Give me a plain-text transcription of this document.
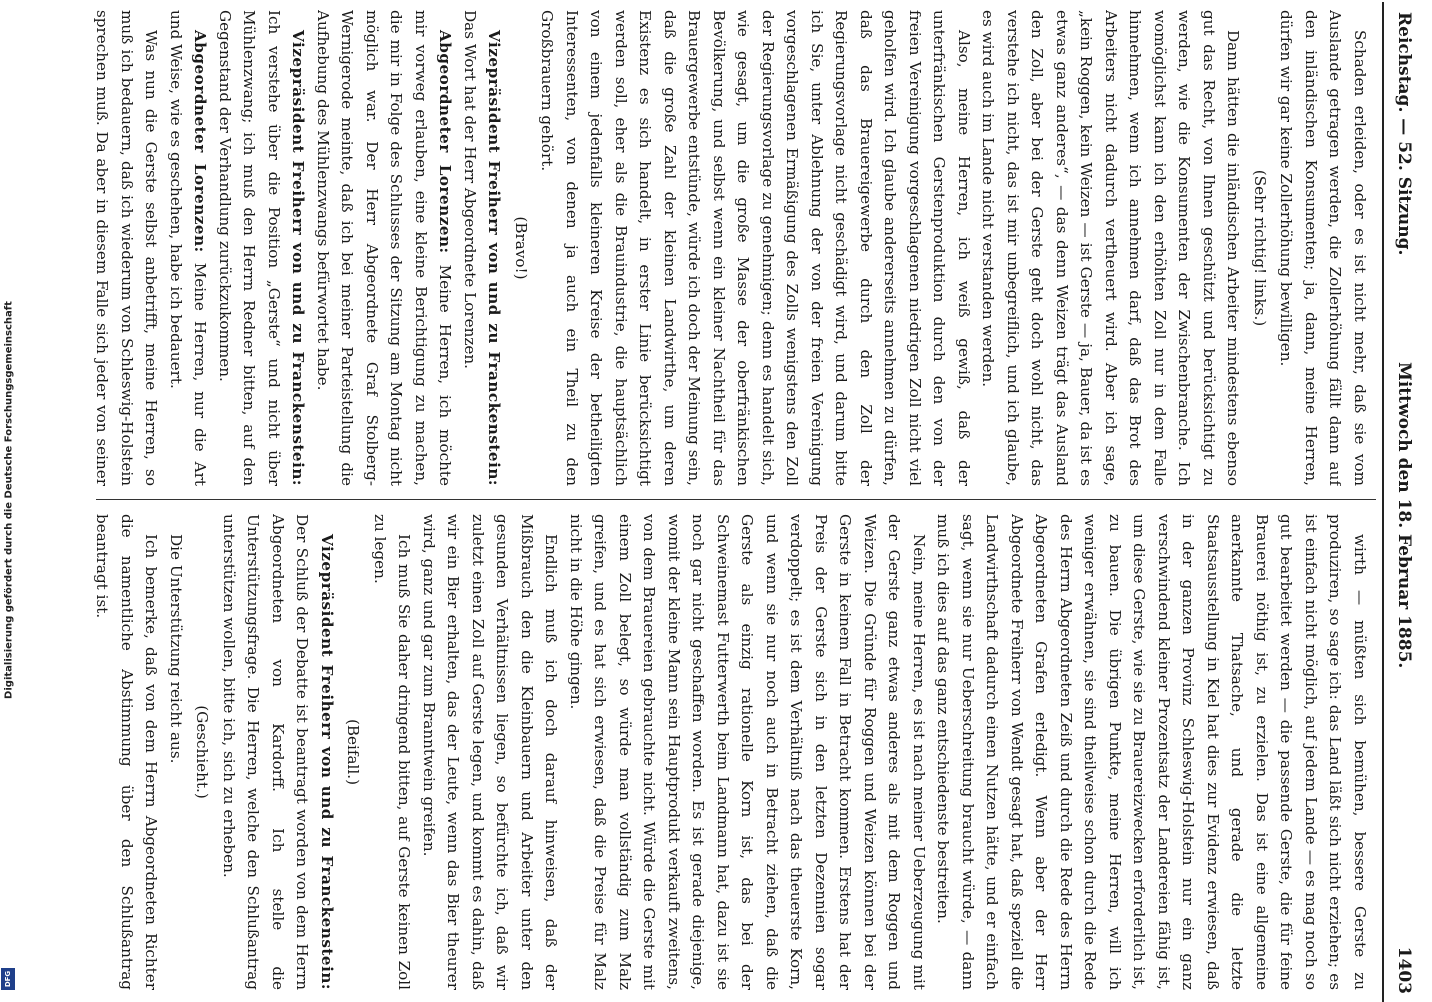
Digitalisierung gefördert durch die Deutsche Forschungsgemeinschaft
DFG
Reichstag. — 52. Sitzung.
Mittwoch den 18. Februar 1885.
1403

Schaden erleiden, oder es ist nicht mehr, daß sie vom Auslande getragen werden, die Zollerhöhung fällt dann auf den inländischen Konsumenten; ja, dann, meine Herren, dürfen wir gar keine Zollerhöhung bewilligen.

(Sehr richtig! links.)

Dann hätten die inländischen Arbeiter mindestens ebenso gut das Recht, von Ihnen geschützt und berücksichtigt zu werden, wie die Konsumenten der Zwischenbranche. Ich womöglichst kann ich den erhöhten Zoll nur in dem Falle hinnehmen, wenn ich annehmen darf, daß das Brot des Arbeiters nicht dadurch vertheuert wird. Aber ich sage, „kein Roggen, kein Weizen — ist Gerste — ja, Bauer, da ist es etwas ganz anderes“, — das denn Weizen trägt das Ausland den Zoll, aber bei der Gerste geht doch wohl nicht, das verstehe ich nicht, das ist mir unbegreiflich, und ich glaube, es wird auch im Lande nicht verstanden werden.

Also, meine Herren, ich weiß gewiß, daß der unterfränkischen Gerstenproduktion durch den von der freien Vereinigung vorgeschlagenen niedrigen Zoll nicht viel geholfen wird. Ich glaube andererseits annehmen zu dürfen, daß das Brauereigewerbe durch den Zoll der Regierungsvorlage nicht geschädigt wird, und darum bitte ich Sie, unter Ablehnung der von der freien Vereinigung vorgeschlagenen Ermäßigung des Zolls wenigstens den Zoll der Regierungsvorlage zu genehmigen; denn es handelt sich, wie gesagt, um die große Masse der oberfränkischen Bevölkerung, und selbst wenn ein kleiner Nachtheil für das Brauergewerbe entstünde, würde ich doch der Meinung sein, daß die große Zahl der kleinen Landwirthe, um deren Existenz es sich handelt, in erster Linie berücksichtigt werden soll, eher als die Brauindustrie, die hauptsächlich von einem jedenfalls kleineren Kreise der betheiligten Interessenten, von denen ja auch ein Theil zu den Großbrauern gehört.

(Bravo!)

Vizepräsident Freiherr von und zu Franckenstein: Das Wort hat der Herr Abgeordnete Lorenzen.

Abgeordneter Lorenzen: Meine Herren, ich möchte mir vorweg erlauben, eine kleine Berichtigung zu machen, die mir in Folge des Schlusses der Sitzung am Montag nicht möglich war. Der Herr Abgeordnete Graf Stolberg-Wernigerode meinte, daß ich bei meiner Parteistellung die Aufhebung des Mühlenzwangs befürwortet habe.

Vizepräsident Freiherr von und zu Franckenstein: Ich verstehe über die Position „Gerste“ und nicht über Mühlenzwang; ich muß den Herrn Redner bitten, auf den Gegenstand der Verhandlung zurückzukommen.

Abgeordneter Lorenzen: Meine Herren, nur die Art und Weise, wie es geschehen, habe ich bedauert.

Was nun die Gerste selbst anbetrifft, meine Herren, so muß ich bedauern, daß ich wiederum von Schleswig-Holstein sprechen muß. Da aber in diesem Falle sich jeder von seiner

wirth — müßten sich bemühen, bessere Gerste zu produziren, so sage ich: das Land läßt sich nicht erziehen; es ist einfach nicht möglich, auf jedem Lande — es mag noch so gut bearbeitet werden — die passende Gerste, die für feine Brauerei nöthig ist, zu erzielen. Das ist eine allgemeine anerkannte Thatsache, und gerade die letzte Staatsausstellung in Kiel hat dies zur Evidenz erwiesen, daß in der ganzen Provinz Schleswig-Holstein nur ein ganz verschwindend kleiner Prozentsatz der Landereien fähig ist, um diese Gerste, wie sie zu Brauereizwecken erforderlich ist, zu bauen. Die übrigen Punkte, meine Herren, will ich weniger erwähnen, sie sind theilweise schon durch die Rede des Herrn Abgeordneten Zeiß und durch die Rede des Herrn Abgeordneten Grafen erledigt. Wenn aber der Herr Abgeordnete Freiherr von Wendt gesagt hat, daß speziell die Landwirthschaft dadurch einen Nutzen hätte, und er einfach sagt, wenn sie nur Ueberschreitung braucht würde, — dann muß ich dies auf das ganz entschiedenste bestreiten.

Nein, meine Herren, es ist nach meiner Ueberzeugung mit der Gerste ganz etwas anderes als mit dem Roggen und Weizen. Die Gründe für Roggen und Weizen können bei der Gerste in keinem Fall in Betracht kommen. Erstens hat der Preis der Gerste sich in den letzten Dezennien sogar verdoppelt; es ist dem Verhältniß nach das theuerste Korn, und wenn sie nur noch auch in Betracht ziehen, daß die Gerste als einzig rationelle Korn ist, das bei der Schweinemast Futterwerth beim Landmann hat, dazu ist sie noch gar nicht geschaffen worden. Es ist gerade diejenige, womit der kleine Mann sein Hauptprodukt verkauft zweitens, von dem Brauereien gebrauchte nicht. Würde die Gerste mit einem Zoll belegt, so würde man vollständig zum Malz greifen, und es hat sich erwiesen, daß die Preise für Malz nicht in die Höhe gingen.

Endlich muß ich doch darauf hinweisen, daß der Mißbrauch den die Kleinbauern und Arbeiter unter den gesunden Verhältnissen liegen, so befürchte ich, daß wir zuletzt einen Zoll auf Gerste legen, und kommt es dahin, daß wir ein Bier erhalten, das der Leute, wenn das Bier theurer wird, ganz und gar zum Branntwein greifen.

Ich muß Sie daher dringend bitten, auf Gerste keinen Zoll zu legen.

(Beifall.)

Vizepräsident Freiherr von und zu Franckenstein: Der Schluß der Debatte ist beantragt worden von dem Herrn Abgeordneten von Kardorff. Ich stelle die Unterstützungsfrage. Die Herren, welche den Schlußantrag unterstützen wollen, bitte ich, sich zu erheben.

(Geschieht.)

Die Unterstützung reicht aus.

Ich bemerke, daß von dem Herrn Abgeordneten Richter die namentliche Abstimmung über den Schlußantrag beantragt ist.
